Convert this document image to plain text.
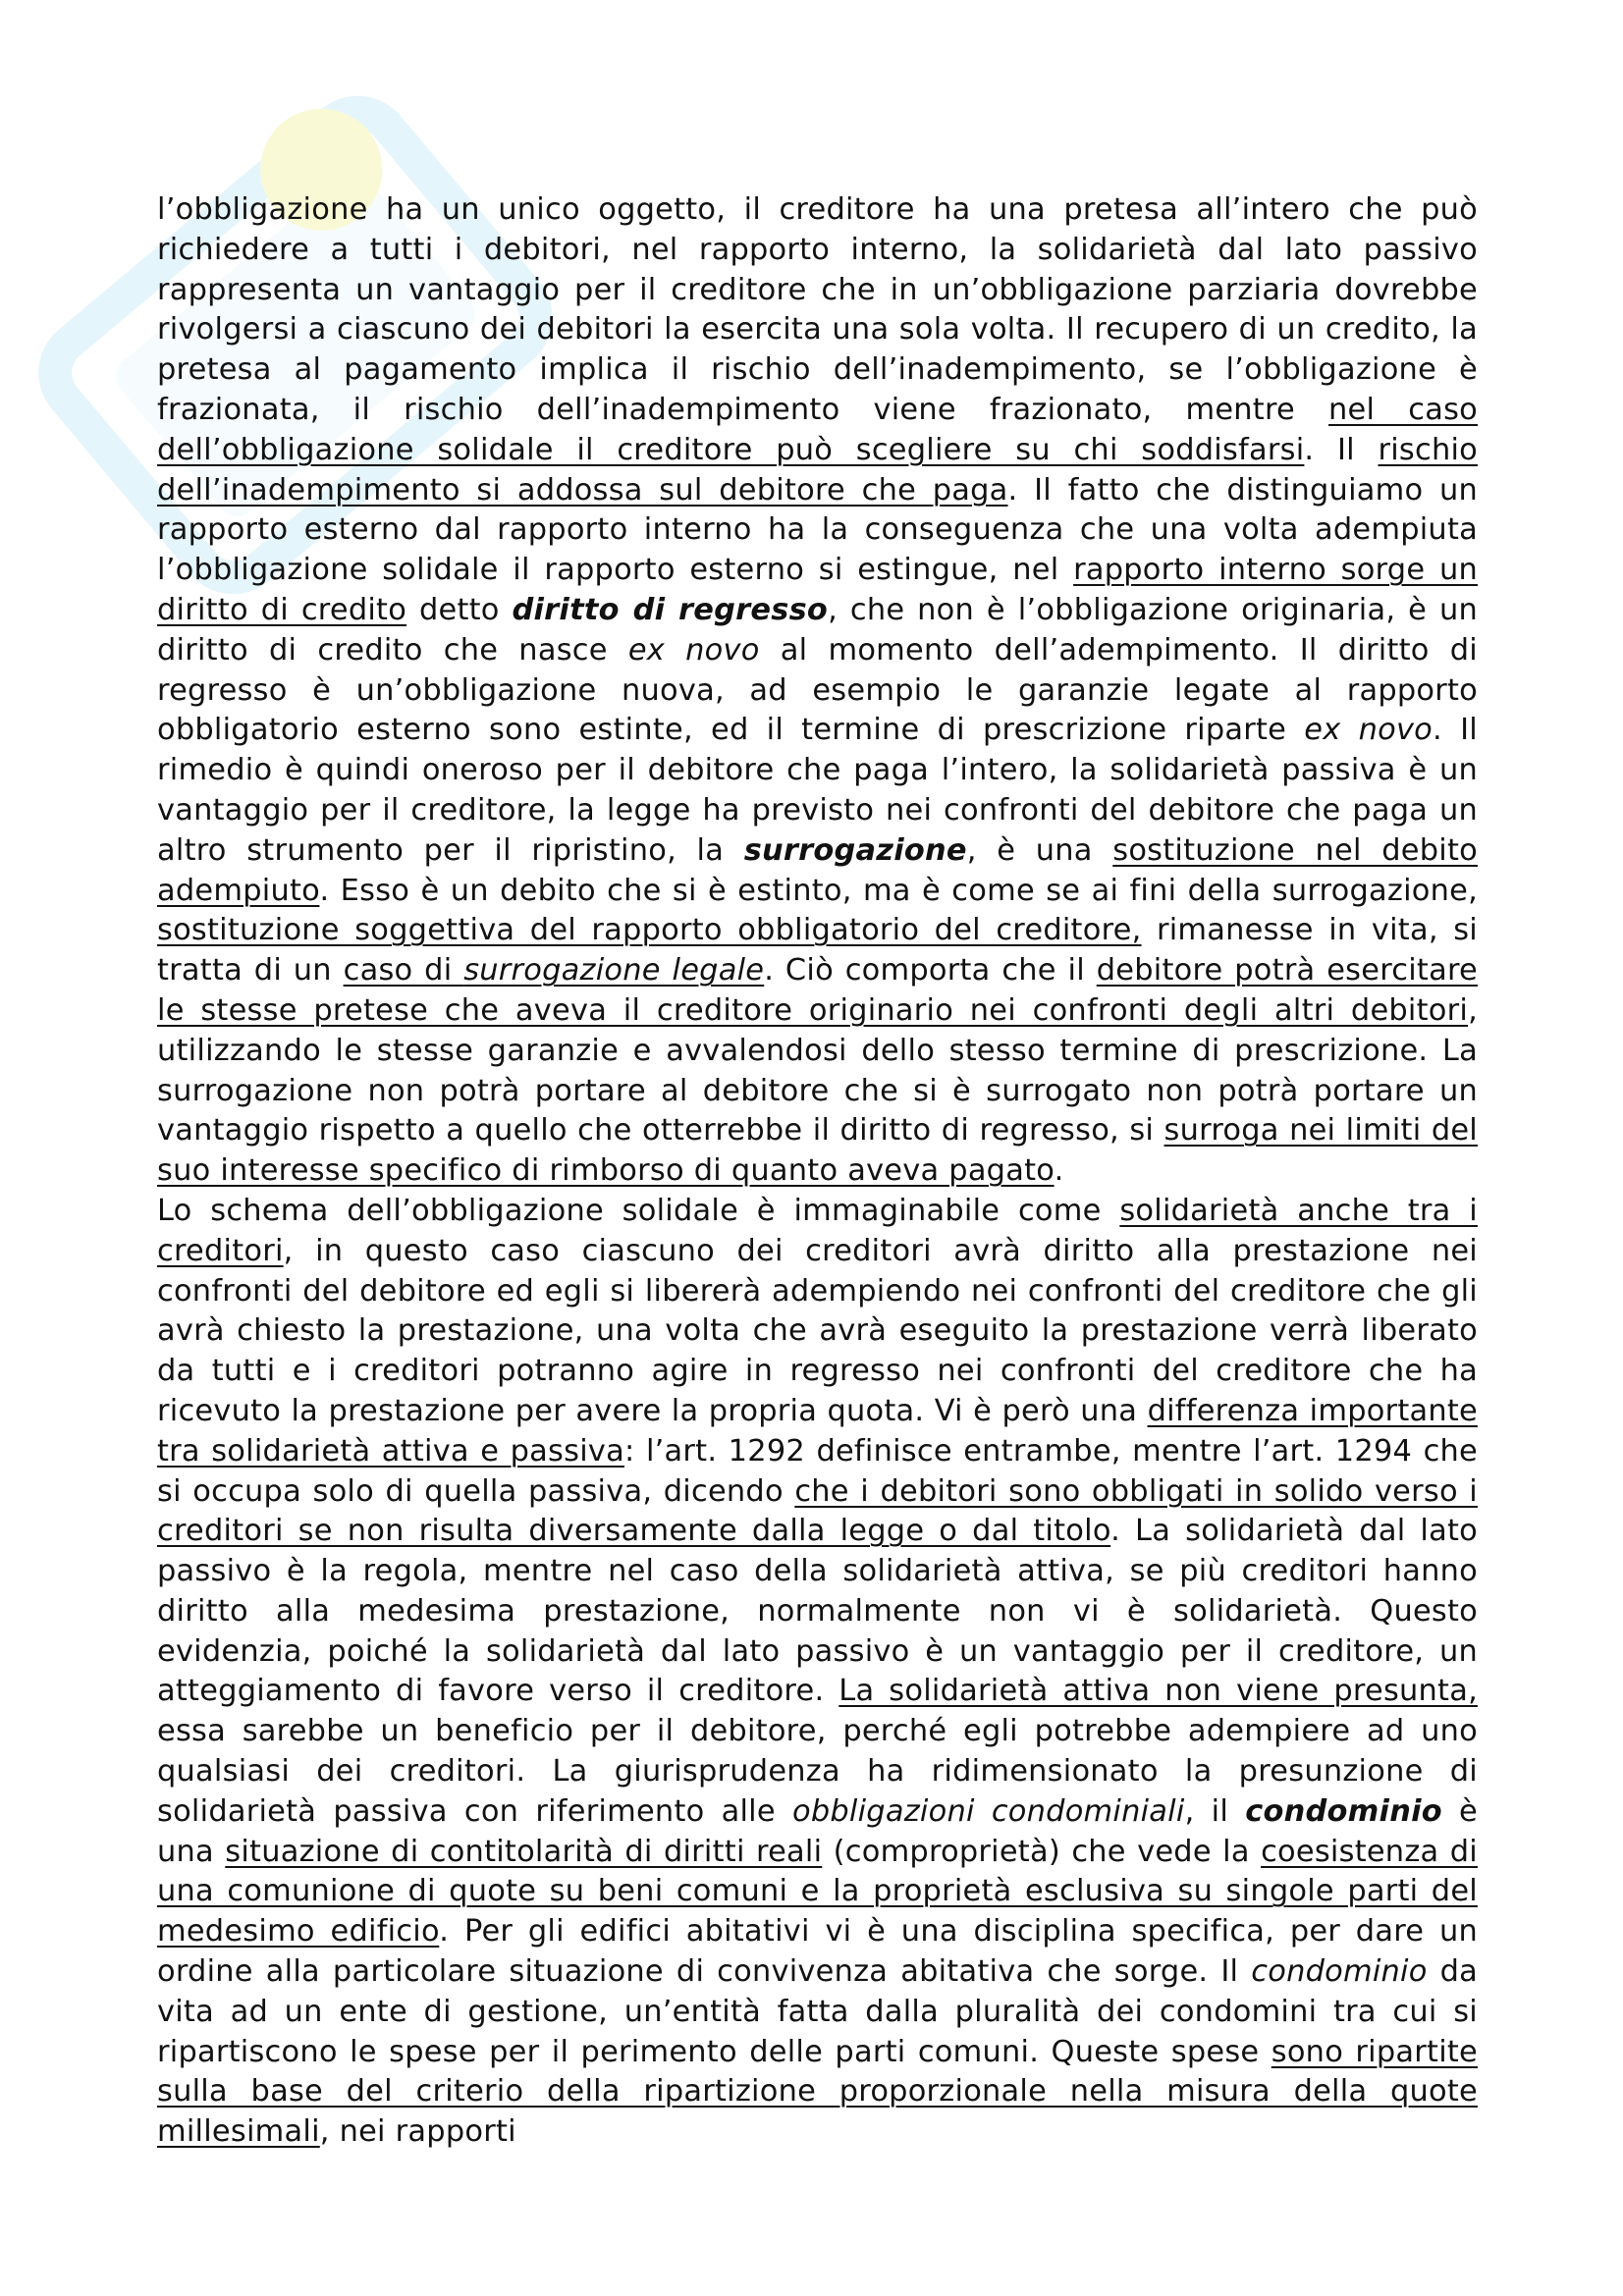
l’obbligazione ha un unico oggetto, il creditore ha una pretesa all’intero che può richiedere a tutti i debitori, nel rapporto interno, la solidarietà dal lato passivo rappresenta un vantaggio per il creditore che in un’obbligazione parziaria dovrebbe rivolgersi a ciascuno dei debitori la esercita una sola volta. Il recupero di un credito, la pretesa al pagamento implica il rischio dell’inadempimento, se l’obbligazione è frazionata, il rischio dell’inadempimento viene frazionato, mentre nel caso dell’obbligazione solidale il creditore può scegliere su chi soddisfarsi. Il rischio dell’inadempimento si addossa sul debitore che paga. Il fatto che distinguiamo un rapporto esterno dal rapporto interno ha la conseguenza che una volta adempiuta l’obbligazione solidale il rapporto esterno si estingue, nel rapporto interno sorge un diritto di credito detto diritto di regresso, che non è l’obbligazione originaria, è un diritto di credito che nasce ex novo al momento dell’adempimento. Il diritto di regresso è un’obbligazione nuova, ad esempio le garanzie legate al rapporto obbligatorio esterno sono estinte, ed il termine di prescrizione riparte ex novo. Il rimedio è quindi oneroso per il debitore che paga l’intero, la solidarietà passiva è un vantaggio per il creditore, la legge ha previsto nei confronti del debitore che paga un altro strumento per il ripristino, la surrogazione, è una sostituzione nel debito adempiuto. Esso è un debito che si è estinto, ma è come se ai fini della surrogazione, sostituzione soggettiva del rapporto obbligatorio del creditore, rimanesse in vita, si tratta di un caso di surrogazione legale. Ciò comporta che il debitore potrà esercitare le stesse pretese che aveva il creditore originario nei confronti degli altri debitori, utilizzando le stesse garanzie e avvalendosi dello stesso termine di prescrizione. La surrogazione non potrà portare al debitore che si è surrogato non potrà portare un vantaggio rispetto a quello che otterrebbe il diritto di regresso, si surroga nei limiti del suo interesse specifico di rimborso di quanto aveva pagato.

Lo schema dell’obbligazione solidale è immaginabile come solidarietà anche tra i creditori, in questo caso ciascuno dei creditori avrà diritto alla prestazione nei confronti del debitore ed egli si libererà adempiendo nei confronti del creditore che gli avrà chiesto la prestazione, una volta che avrà eseguito la prestazione verrà liberato da tutti e i creditori potranno agire in regresso nei confronti del creditore che ha ricevuto la prestazione per avere la propria quota. Vi è però una differenza importante tra solidarietà attiva e passiva: l’art. 1292 definisce entrambe, mentre l’art. 1294 che si occupa solo di quella passiva, dicendo che i debitori sono obbligati in solido verso i creditori se non risulta diversamente dalla legge o dal titolo. La solidarietà dal lato passivo è la regola, mentre nel caso della solidarietà attiva, se più creditori hanno diritto alla medesima prestazione, normalmente non vi è solidarietà. Questo evidenzia, poiché la solidarietà dal lato passivo è un vantaggio per il creditore, un atteggiamento di favore verso il creditore. La solidarietà attiva non viene presunta, essa sarebbe un beneficio per il debitore, perché egli potrebbe adempiere ad uno qualsiasi dei creditori. La giurisprudenza ha ridimensionato la presunzione di solidarietà passiva con riferimento alle obbligazioni condominiali, il condominio è una situazione di contitolarità di diritti reali (comproprietà) che vede la coesistenza di una comunione di quote su beni comuni e la proprietà esclusiva su singole parti del medesimo edificio. Per gli edifici abitativi vi è una disciplina specifica, per dare un ordine alla particolare situazione di convivenza abitativa che sorge. Il condominio da vita ad un ente di gestione, un’entità fatta dalla pluralità dei condomini tra cui si ripartiscono le spese per il perimento delle parti comuni. Queste spese sono ripartite sulla base del criterio della ripartizione proporzionale nella misura della quote millesimali, nei rapporti
